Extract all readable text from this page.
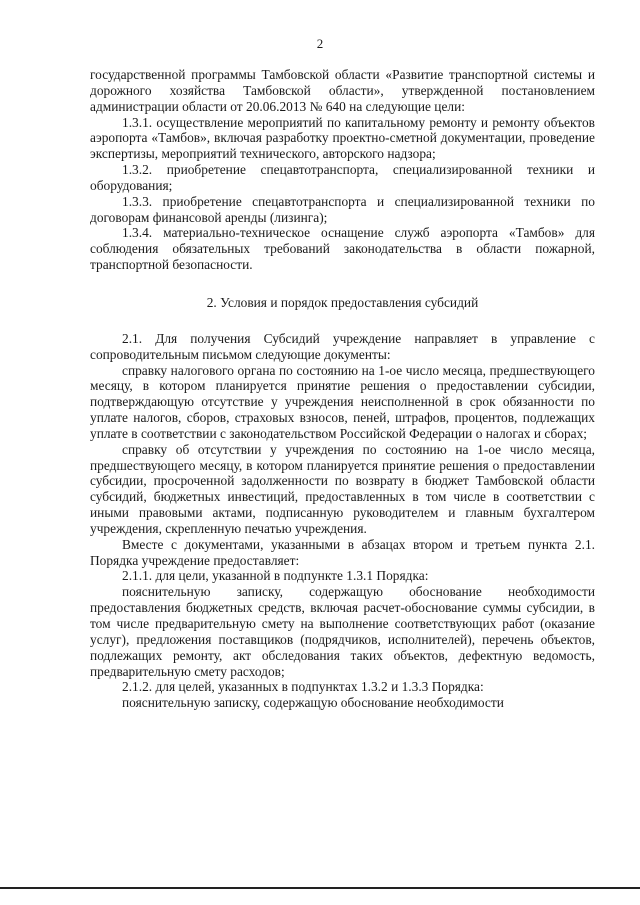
2

государственной программы Тамбовской области «Развитие транспортной системы и дорожного хозяйства Тамбовской области», утвержденной постановлением администрации области от 20.06.2013 № 640 на следующие цели:

1.3.1. осуществление мероприятий по капитальному ремонту и ремонту объектов аэропорта «Тамбов», включая разработку проектно-сметной документации, проведение экспертизы, мероприятий технического, авторского надзора;

1.3.2. приобретение спецавтотранспорта, специализированной техники и оборудования;

1.3.3. приобретение спецавтотранспорта и специализированной техники по договорам финансовой аренды (лизинга);

1.3.4. материально-техническое оснащение служб аэропорта «Тамбов» для соблюдения обязательных требований законодательства в области пожарной, транспортной безопасности.

2. Условия и порядок предоставления субсидий

2.1. Для получения Субсидий учреждение направляет в управление с сопроводительным письмом следующие документы:

справку налогового органа по состоянию на 1-ое число месяца, предшествующего месяцу, в котором планируется принятие решения о предоставлении субсидии, подтверждающую отсутствие у учреждения неисполненной в срок обязанности по уплате налогов, сборов, страховых взносов, пеней, штрафов, процентов, подлежащих уплате в соответствии с законодательством Российской Федерации о налогах и сборах;

справку об отсутствии у учреждения по состоянию на 1-ое число месяца, предшествующего месяцу, в котором планируется принятие решения о предоставлении субсидии, просроченной задолженности по возврату в бюджет Тамбовской области субсидий, бюджетных инвестиций, предоставленных в том числе в соответствии с иными правовыми актами, подписанную руководителем и главным бухгалтером учреждения, скрепленную печатью учреждения.

Вместе с документами, указанными в абзацах втором и третьем пункта 2.1. Порядка учреждение предоставляет:

2.1.1. для цели, указанной в подпункте 1.3.1 Порядка:

пояснительную записку, содержащую обоснование необходимости предоставления бюджетных средств, включая расчет-обоснование суммы субсидии, в том числе предварительную смету на выполнение соответствующих работ (оказание услуг), предложения поставщиков (подрядчиков, исполнителей), перечень объектов, подлежащих ремонту, акт обследования таких объектов, дефектную ведомость, предварительную смету расходов;

2.1.2. для целей, указанных в подпунктах 1.3.2 и 1.3.3 Порядка:

пояснительную записку, содержащую обоснование необходимости
